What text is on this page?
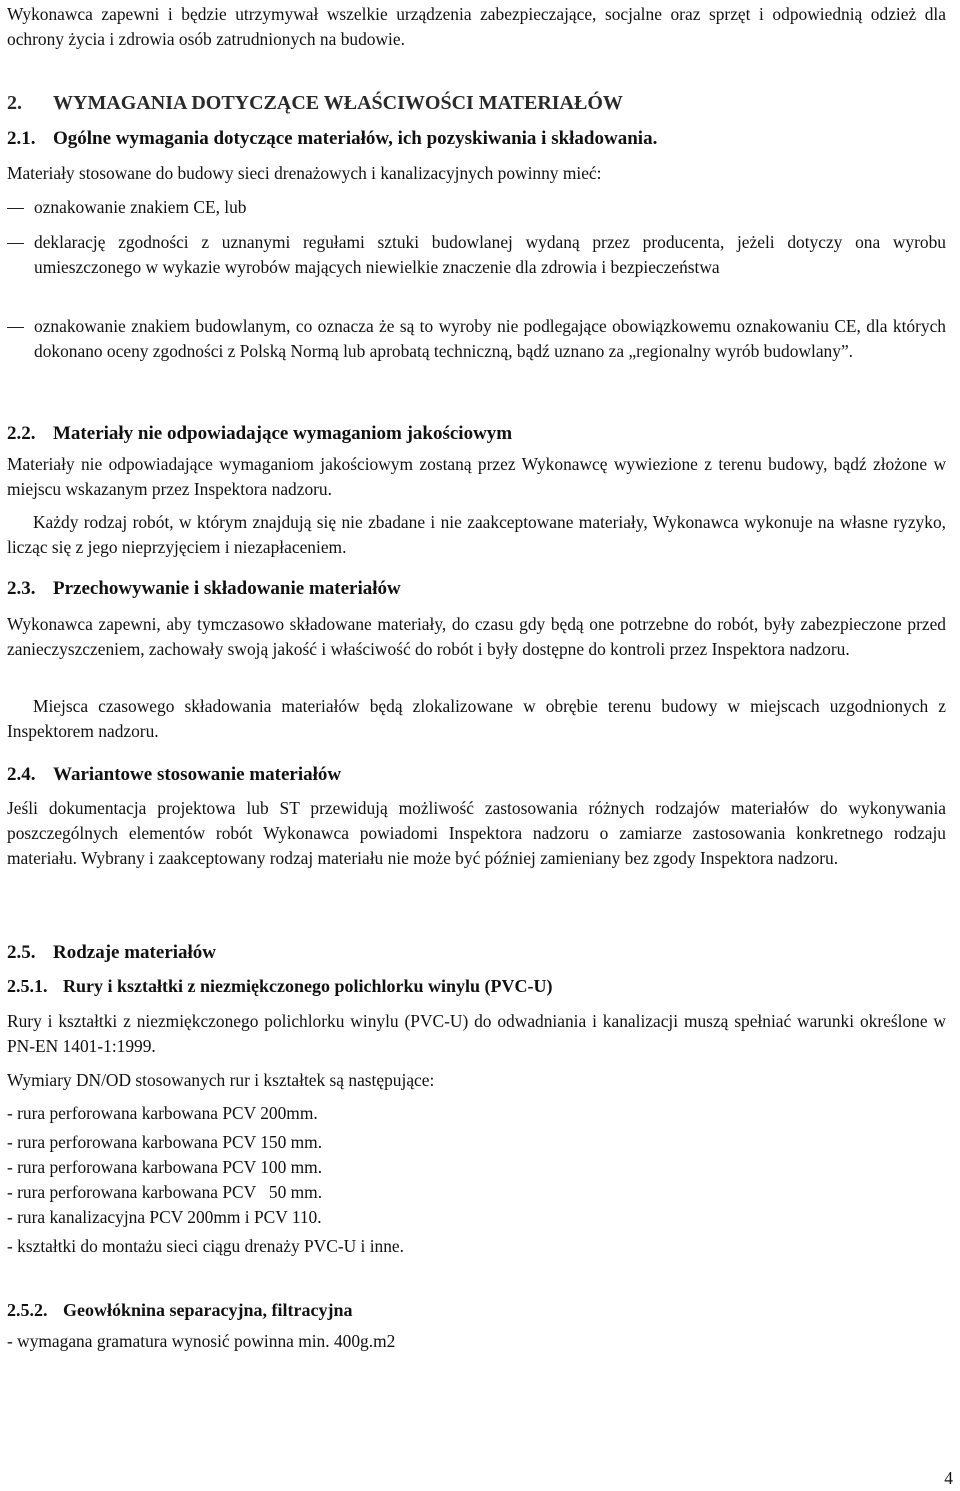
Wykonawca zapewni i będzie utrzymywał wszelkie urządzenia zabezpieczające, socjalne oraz sprzęt i odpowiednią odzież dla ochrony życia i zdrowia osób zatrudnionych na budowie.

2. WYMAGANIA DOTYCZĄCE WŁAŚCIWOŚCI MATERIAŁÓW
2.1. Ogólne wymagania dotyczące materiałów, ich pozyskiwania i składowania.

Materiały stosowane do budowy sieci drenażowych i kanalizacyjnych powinny mieć:

oznakowanie znakiem CE, lub
deklarację zgodności z uznanymi regułami sztuki budowlanej wydaną przez producenta, jeżeli dotyczy ona wyrobu umieszczonego w wykazie wyrobów mających niewielkie znaczenie dla zdrowia i bezpieczeństwa
oznakowanie znakiem budowlanym, co oznacza że są to wyroby nie podlegające obowiązkowemu oznakowaniu CE, dla których dokonano oceny zgodności z Polską Normą lub aprobatą techniczną, bądź uznano za „regionalny wyrób budowlany”.
2.2. Materiały nie odpowiadające wymaganiom jakościowym

Materiały nie odpowiadające wymaganiom jakościowym zostaną przez Wykonawcę wywiezione z terenu budowy, bądź złożone w miejscu wskazanym przez Inspektora nadzoru.

Każdy rodzaj robót, w którym znajdują się nie zbadane i nie zaakceptowane materiały, Wykonawca wykonuje na własne ryzyko, licząc się z jego nieprzyjęciem i niezapłaceniem.

2.3. Przechowywanie i składowanie materiałów

Wykonawca zapewni, aby tymczasowo składowane materiały, do czasu gdy będą one potrzebne do robót, były zabezpieczone przed zanieczyszczeniem, zachowały swoją jakość i właściwość do robót i były dostępne do kontroli przez Inspektora nadzoru.

Miejsca czasowego składowania materiałów będą zlokalizowane w obrębie terenu budowy w miejscach uzgodnionych z Inspektorem nadzoru.

2.4. Wariantowe stosowanie materiałów

Jeśli dokumentacja projektowa lub ST przewidują możliwość zastosowania różnych rodzajów materiałów do wykonywania poszczególnych elementów robót Wykonawca powiadomi Inspektora nadzoru o zamiarze zastosowania konkretnego rodzaju materiału. Wybrany i zaakceptowany rodzaj materiału nie może być później zamieniany bez zgody Inspektora nadzoru.

2.5. Rodzaje materiałów
2.5.1. Rury i kształtki z niezmiękczonego polichlorku winylu (PVC-U)

Rury i kształtki z niezmiękczonego polichlorku winylu (PVC-U) do odwadniania i kanalizacji muszą spełniać warunki określone w PN-EN 1401-1:1999.

Wymiary DN/OD stosowanych rur i kształtek są następujące:

- rura perforowana karbowana PCV 200mm.

- rura perforowana karbowana PCV 150 mm.

- rura perforowana karbowana PCV 100 mm.

- rura perforowana karbowana PCV   50 mm.

- rura kanalizacyjna PCV 200mm i PCV 110.

- kształtki do montażu sieci ciągu drenaży PVC-U i inne.

2.5.2. Geowłóknina separacyjna, filtracyjna

- wymagana gramatura wynosić powinna min. 400g.m2

4
